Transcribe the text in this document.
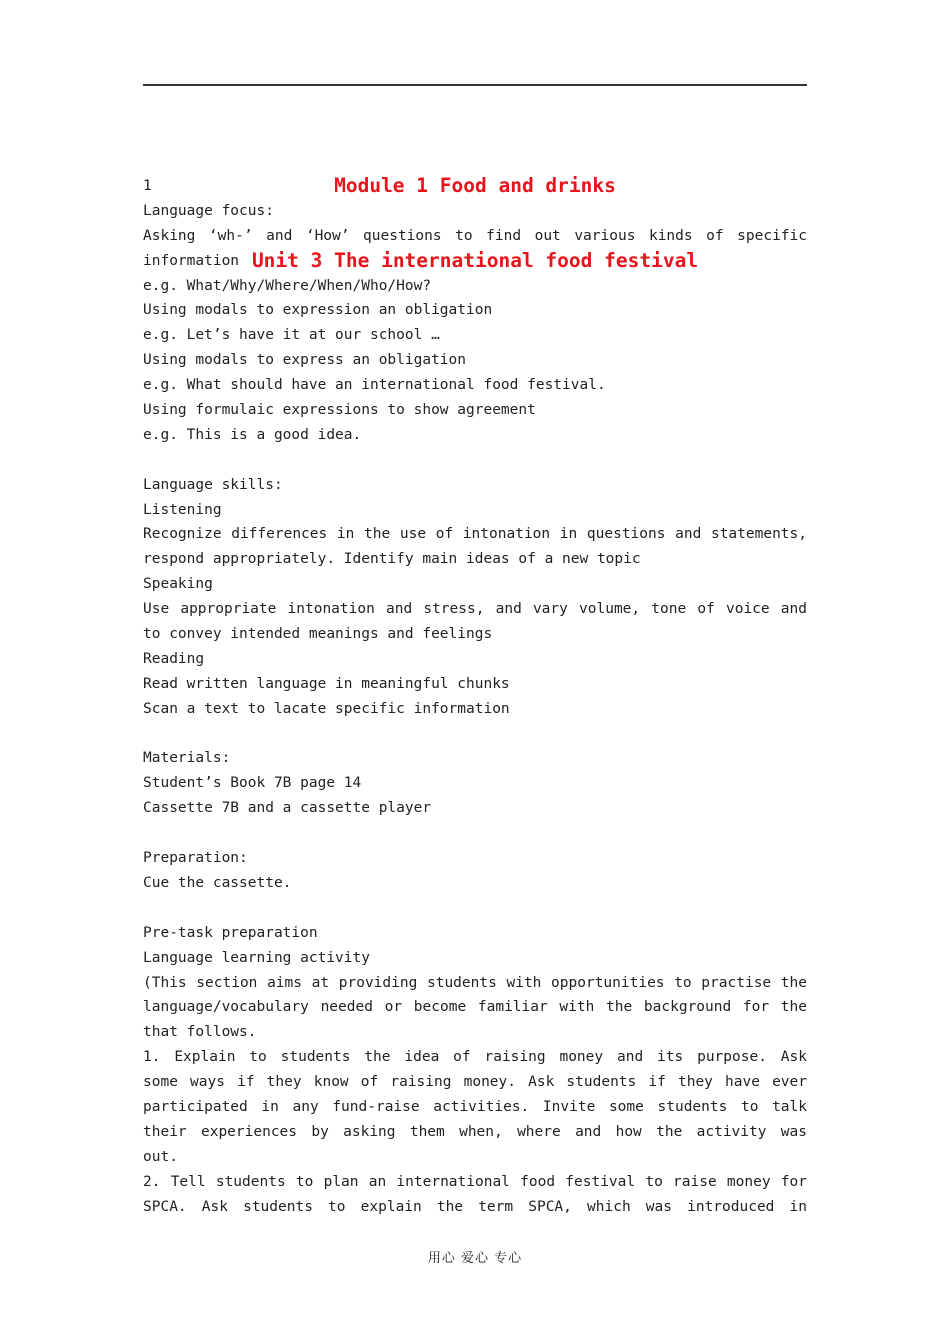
Module 1 Food and drinks

Unit 3 The international food festival

1
Language focus:
Asking ‘wh-’ and ‘How’ questions to find out various kinds of specific
information
e.g. What/Why/Where/When/Who/How?
Using modals to expression an obligation
e.g. Let’s have it at our school …
Using modals to express an obligation
e.g. What should have an international food festival.
Using formulaic expressions to show agreement
e.g. This is a good idea.
Language skills:
Listening
Recognize differences in the use of intonation in questions and statements,
respond appropriately. Identify main ideas of a new topic
Speaking
Use appropriate intonation and stress, and vary volume, tone of voice and
to convey intended meanings and feelings
Reading
Read written language in meaningful chunks
Scan a text to lacate specific information
Materials:
Student’s Book 7B page 14
Cassette 7B and a cassette player
Preparation:
Cue the cassette.
Pre-task preparation
Language learning activity
(This section aims at providing students with opportunities to practise the
language/vocabulary needed or become familiar with the background for the
that follows.
1. Explain to students the idea of raising money and its purpose. Ask
some ways if they know of raising money. Ask students if they have ever
participated in any fund-raise activities. Invite some students to talk
their experiences by asking them when, where and how the activity was
out.
2. Tell students to plan an international food festival to raise money for
SPCA. Ask students to explain the term SPCA, which was introduced in
用心 爱心 专心
